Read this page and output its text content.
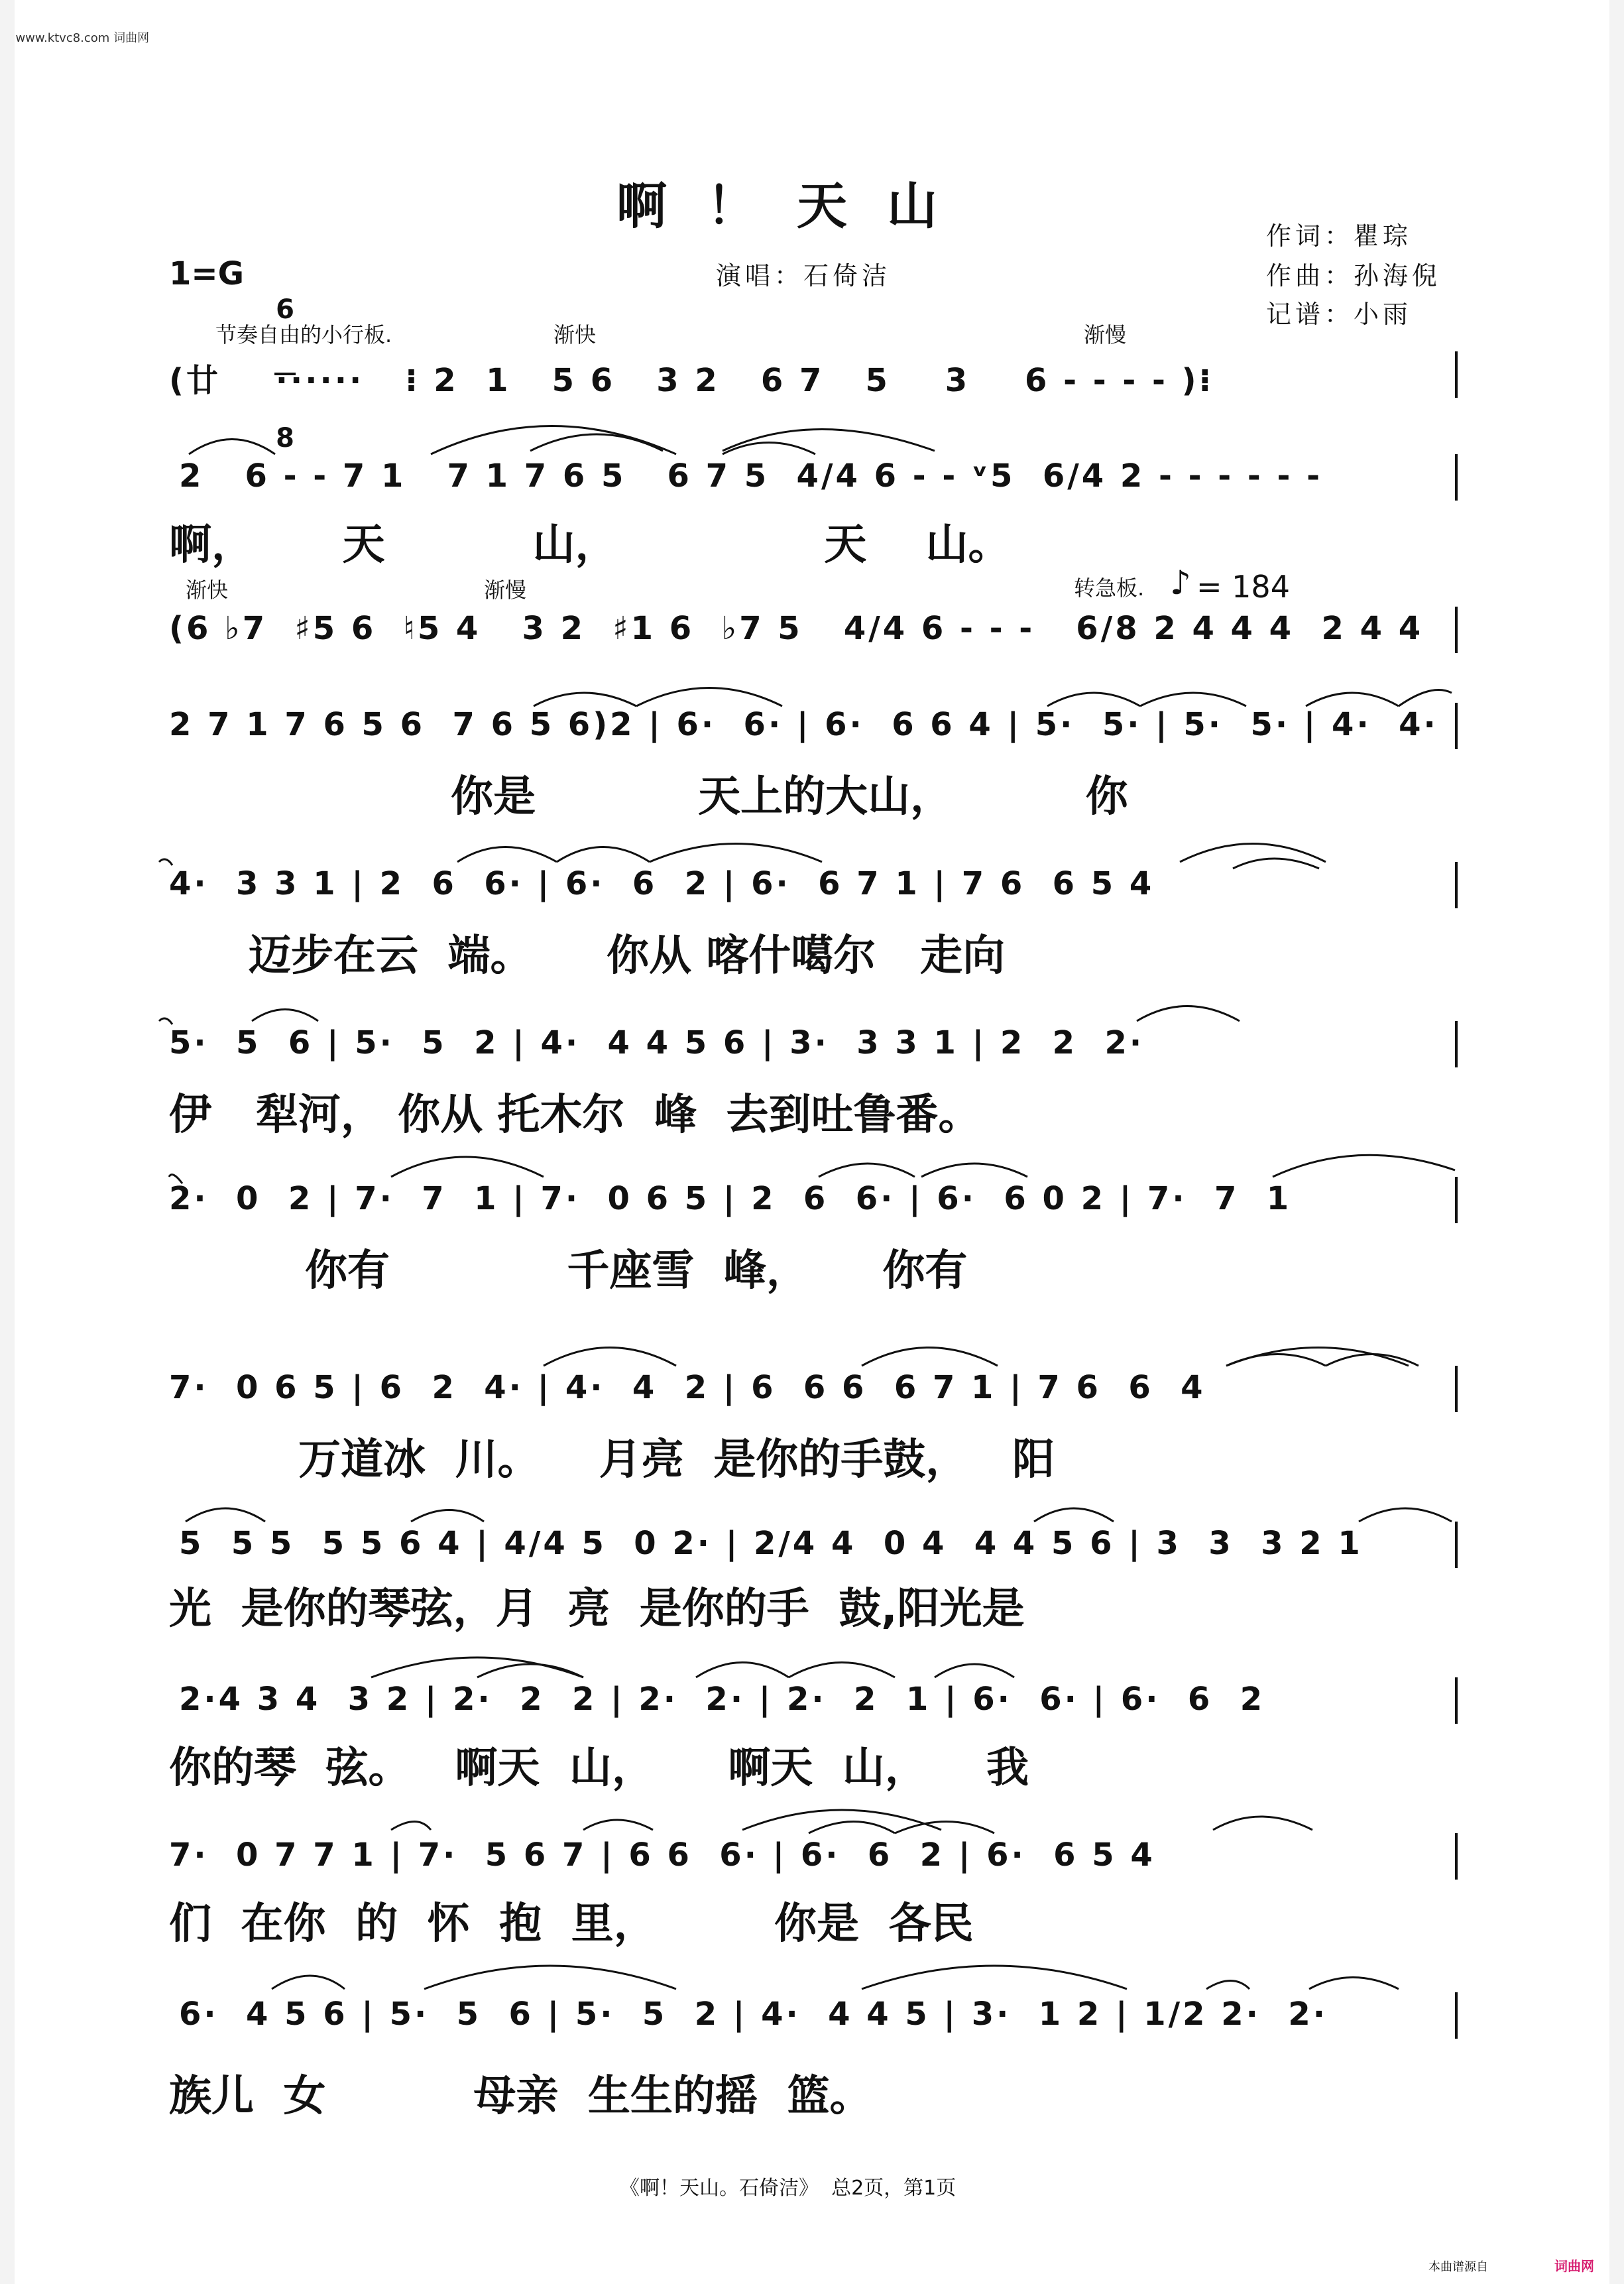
www.ktvc8.com 词曲网

啊！天山
作词：瞿琮
作曲：孙海倪
记谱：小雨
演唱：石倚洁
1=G

6

8

节奏自由的小行板.	渐快	渐慢
渐快	渐慢	转急板. ♪ = 184
(廿    ······   ⁝ 2  1   5 6   3 2   6 7   5    3    6 - - - - )⁝
2   6 - - 7 1   7 1 7 6 5   6 7 5  4/4 6 - - ᵛ5  6/4 2 - - - - - -
啊，      天          山，              天    山。
(6 ♭7  ♯5 6  ♮5 4   3 2  ♯1 6  ♭7 5   4/4 6 - - -   6/8 2 4 4 4  2 4 4
2 7 1 7 6 5 6  7 6 5 6)2 | 6·  6· | 6·  6 6 4 | 5·  5· | 5·  5· | 4·  4·
你是           天上的大山，         你
4·  3 3 1 | 2  6  6· | 6·  6  2 | 6·  6 7 1 | 7 6  6 5 4
迈步在云  端。     你从 喀什噶尔   走向
5·  5  6 | 5·  5  2 | 4·  4 4 5 6 | 3·  3 3 1 | 2  2  2·
伊   犁河， 你从 托木尔  峰  去到吐鲁番。
2·  0  2 | 7·  7  1 | 7·  0 6 5 | 2  6  6· | 6·  6 0 2 | 7·  7  1
你有            千座雪  峰，     你有
7·  0 6 5 | 6  2  4· | 4·  4  2 | 6  6 6  6 7 1 | 7 6  6  4
万道冰  川。    月亮  是你的手鼓，   阳
5  5 5  5 5 6 4 | 4/4 5  0 2· | 2/4 4  0 4  4 4 5 6 | 3  3  3 2 1
光  是你的琴弦，月  亮  是你的手  鼓,阳光是
2·4 3 4  3 2 | 2·  2  2 | 2·  2· | 2·  2  1 | 6·  6· | 6·  6  2
你的琴  弦。   啊天  山，     啊天  山，    我
7·  0 7 7 1 | 7·  5 6 7 | 6 6  6· | 6·  6  2 | 6·  6 5 4
们  在你  的  怀  抱  里，        你是  各民
6·  4 5 6 | 5·  5  6 | 5·  5  2 | 4·  4 4 5 | 3·  1 2 | 1/2 2·  2·
族儿  女          母亲  生生的摇  篮。
《啊！天山。石倚洁》  总2页，第1页
本曲谱源自	词曲网
